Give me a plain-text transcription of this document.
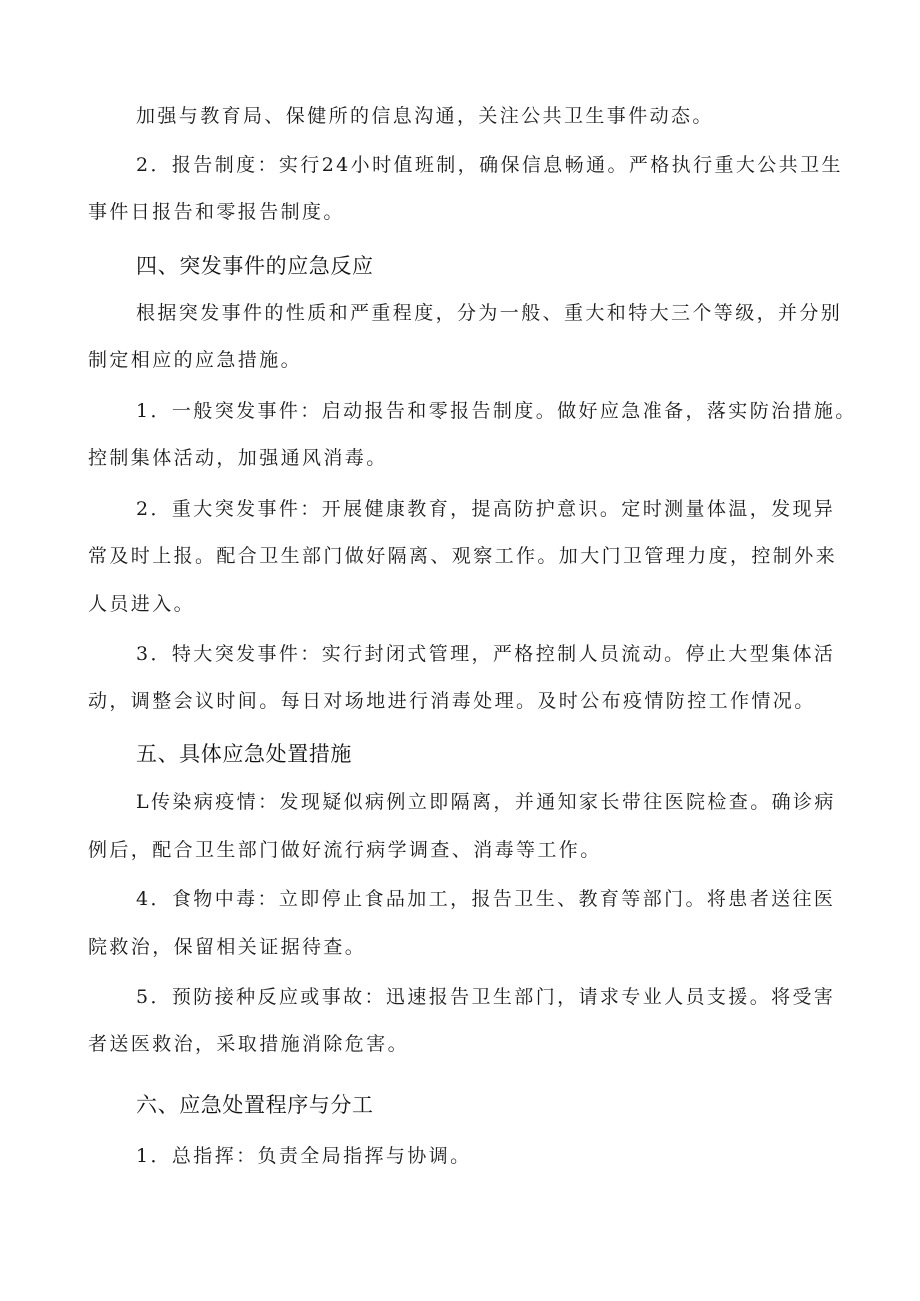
加强与教育局、保健所的信息沟通，关注公共卫生事件动态。
2．报告制度：实行24小时值班制，确保信息畅通。严格执行重大公共卫生
事件日报告和零报告制度。
四、突发事件的应急反应
根据突发事件的性质和严重程度，分为一般、重大和特大三个等级，并分别
制定相应的应急措施。
1．一般突发事件：启动报告和零报告制度。做好应急准备，落实防治措施。
控制集体活动，加强通风消毒。
2．重大突发事件：开展健康教育，提高防护意识。定时测量体温，发现异
常及时上报。配合卫生部门做好隔离、观察工作。加大门卫管理力度，控制外来
人员进入。
3．特大突发事件：实行封闭式管理，严格控制人员流动。停止大型集体活
动，调整会议时间。每日对场地进行消毒处理。及时公布疫情防控工作情况。
五、具体应急处置措施
L传染病疫情：发现疑似病例立即隔离，并通知家长带往医院检查。确诊病
例后，配合卫生部门做好流行病学调查、消毒等工作。
4．食物中毒：立即停止食品加工，报告卫生、教育等部门。将患者送往医
院救治，保留相关证据待查。
5．预防接种反应或事故：迅速报告卫生部门，请求专业人员支援。将受害
者送医救治，采取措施消除危害。
六、应急处置程序与分工
1．总指挥：负责全局指挥与协调。
